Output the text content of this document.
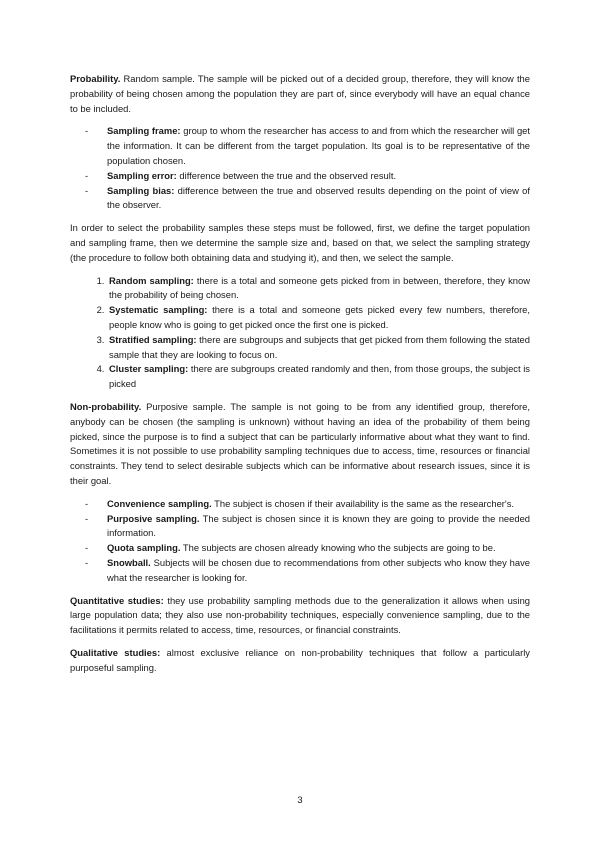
Probability. Random sample. The sample will be picked out of a decided group, therefore, they will know the probability of being chosen among the population they are part of, since everybody will have an equal chance to be included.

- Sampling frame: group to whom the researcher has access to and from which the researcher will get the information. It can be different from the target population. Its goal is to be representative of the population chosen.
- Sampling error: difference between the true and the observed result.
- Sampling bias: difference between the true and observed results depending on the point of view of the observer.

In order to select the probability samples these steps must be followed, first, we define the target population and sampling frame, then we determine the sample size and, based on that, we select the sampling strategy (the procedure to follow both obtaining data and studying it), and then, we select the sample.

1. Random sampling: there is a total and someone gets picked from in between, therefore, they know the probability of being chosen.
2. Systematic sampling: there is a total and someone gets picked every few numbers, therefore, people know who is going to get picked once the first one is picked.
3. Stratified sampling: there are subgroups and subjects that get picked from them following the stated sample that they are looking to focus on.
4. Cluster sampling: there are subgroups created randomly and then, from those groups, the subject is picked

Non-probability. Purposive sample. The sample is not going to be from any identified group, therefore, anybody can be chosen (the sampling is unknown) without having an idea of the probability of them being picked, since the purpose is to find a subject that can be particularly informative about what they want to find. Sometimes it is not possible to use probability sampling techniques due to access, time, resources or financial constraints. They tend to select desirable subjects which can be informative about research issues, since it is their goal.

- Convenience sampling. The subject is chosen if their availability is the same as the researcher's.
- Purposive sampling. The subject is chosen since it is known they are going to provide the needed information.
- Quota sampling. The subjects are chosen already knowing who the subjects are going to be.
- Snowball. Subjects will be chosen due to recommendations from other subjects who know they have what the researcher is looking for.

Quantitative studies: they use probability sampling methods due to the generalization it allows when using large population data; they also use non-probability techniques, especially convenience sampling, due to the facilitations it permits related to access, time, resources, or financial constraints.

Qualitative studies: almost exclusive reliance on non-probability techniques that follow a particularly purposeful sampling.

3
